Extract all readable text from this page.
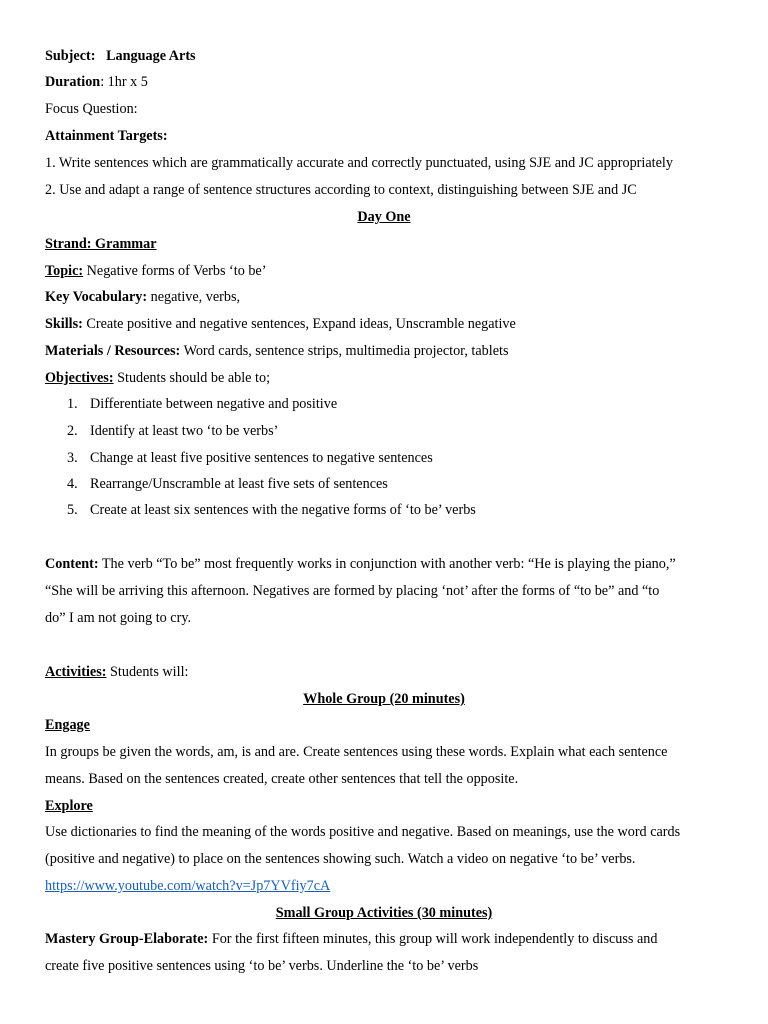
Subject: Language Arts
Duration: 1hr x 5
Focus Question:
Attainment Targets:
1. Write sentences which are grammatically accurate and correctly punctuated, using SJE and JC appropriately
2. Use and adapt a range of sentence structures according to context, distinguishing between SJE and JC
Day One
Strand: Grammar
Topic: Negative forms of Verbs ‘to be’
Key Vocabulary: negative, verbs,
Skills: Create positive and negative sentences, Expand ideas, Unscramble negative
Materials / Resources: Word cards, sentence strips, multimedia projector, tablets
Objectives: Students should be able to;
1. Differentiate between negative and positive
2. Identify at least two ‘to be verbs’
3. Change at least five positive sentences to negative sentences
4. Rearrange/Unscramble at least five sets of sentences
5. Create at least six sentences with the negative forms of ‘to be’ verbs
Content: The verb “To be” most frequently works in conjunction with another verb: “He is playing the piano,”
“She will be arriving this afternoon. Negatives are formed by placing ‘not’ after the forms of “to be” and “to
do” I am not going to cry.
Activities: Students will:
Whole Group (20 minutes)
Engage
In groups be given the words, am, is and are. Create sentences using these words. Explain what each sentence
means. Based on the sentences created, create other sentences that tell the opposite.
Explore
Use dictionaries to find the meaning of the words positive and negative. Based on meanings, use the word cards
(positive and negative) to place on the sentences showing such. Watch a video on negative ‘to be’ verbs.
https://www.youtube.com/watch?v=Jp7YVfiy7cA
Small Group Activities (30 minutes)
Mastery Group-Elaborate: For the first fifteen minutes, this group will work independently to discuss and
create five positive sentences using ‘to be’ verbs. Underline the ‘to be’ verbs
